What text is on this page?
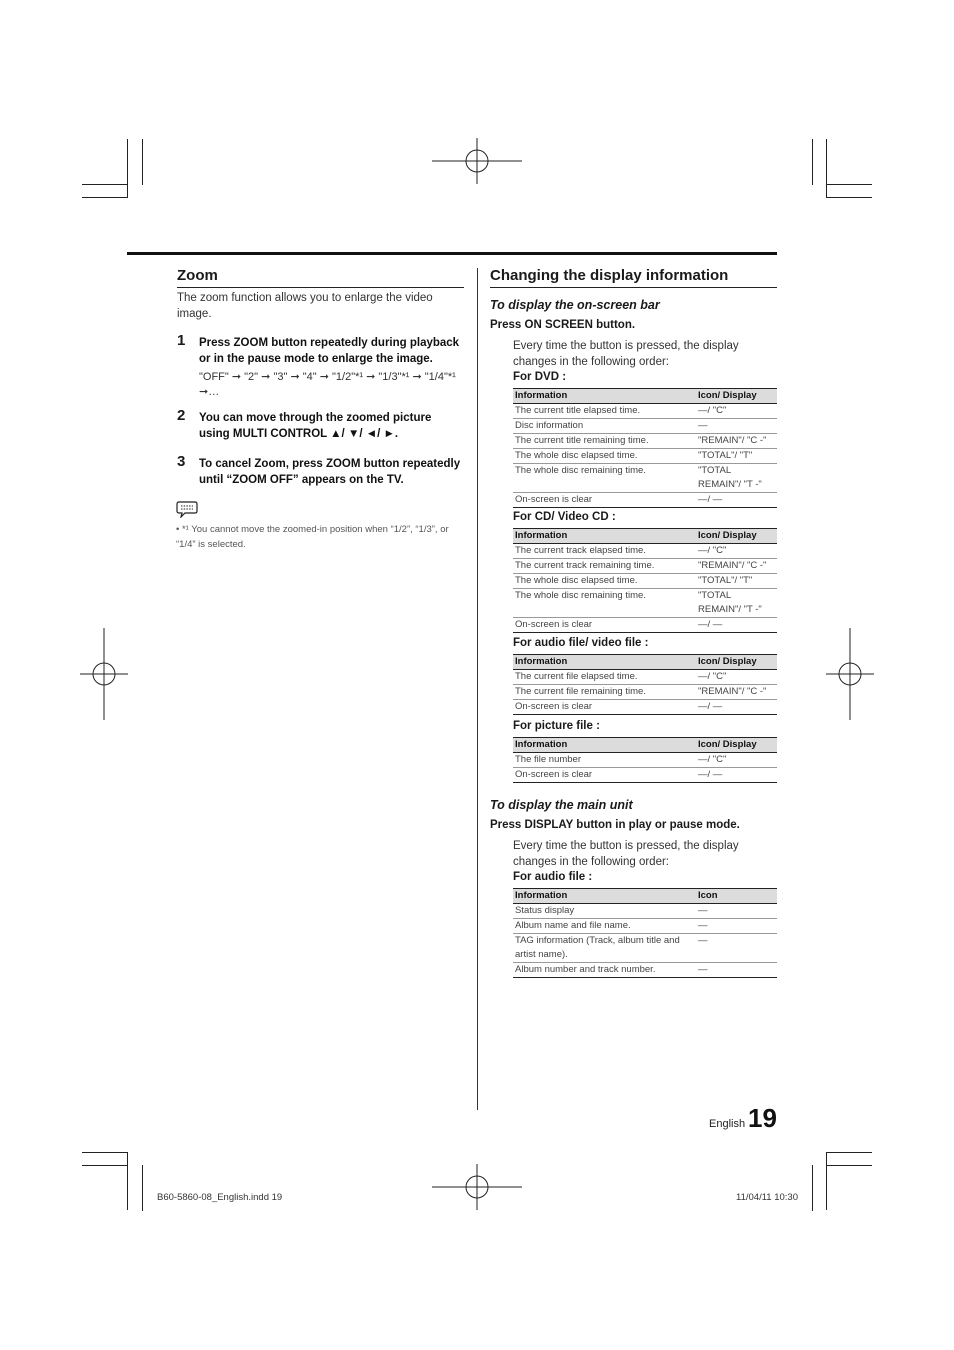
Zoom
The zoom function allows you to enlarge the video image.
1 Press ZOOM button repeatedly during playback or in the pause mode to enlarge the image.
"OFF" ➞ "2" ➞ "3" ➞ "4" ➞ "1/2"*¹ ➞ "1/3"*¹ ➞ "1/4"*¹ ➞…
2 You can move through the zoomed picture using MULTI CONTROL ▲/ ▼/ ◄/ ►.
3 To cancel Zoom, press ZOOM button repeatedly until “ZOOM OFF” appears on the TV.
• *¹ You cannot move the zoomed-in position when “1/2”, “1/3”, or “1/4” is selected.
Changing the display information
To display the on-screen bar
Press ON SCREEN button.
Every time the button is pressed, the display changes in the following order:
For DVD :
Information	Icon/ Display
The current title elapsed time.	—/ "C"
Disc information	—
The current title remaining time.	"REMAIN"/ "C -"
The whole disc elapsed time.	"TOTAL"/ "T"
The whole disc remaining time.	"TOTAL REMAIN"/ "T -"
On-screen is clear	—/ —
For CD/ Video CD :
Information	Icon/ Display
The current track elapsed time.	—/ "C"
The current track remaining time.	"REMAIN"/ "C -"
The whole disc elapsed time.	"TOTAL"/ "T"
The whole disc remaining time.	"TOTAL REMAIN"/ "T -"
On-screen is clear	—/ —
For audio file/ video file :
Information	Icon/ Display
The current file elapsed time.	—/ "C"
The current file remaining time.	"REMAIN"/ "C -"
On-screen is clear	—/ —
For picture file :
Information	Icon/ Display
The file number	—/ "C"
On-screen is clear	—/ —
To display the main unit
Press DISPLAY button in play or pause mode.
Every time the button is pressed, the display changes in the following order:
For audio file :
Information	Icon
Status display	—
Album name and file name.	—
TAG information (Track, album title and artist name).	—
Album number and track number.	—
English 19
B60-5860-08_English.indd 19	11/04/11 10:30
